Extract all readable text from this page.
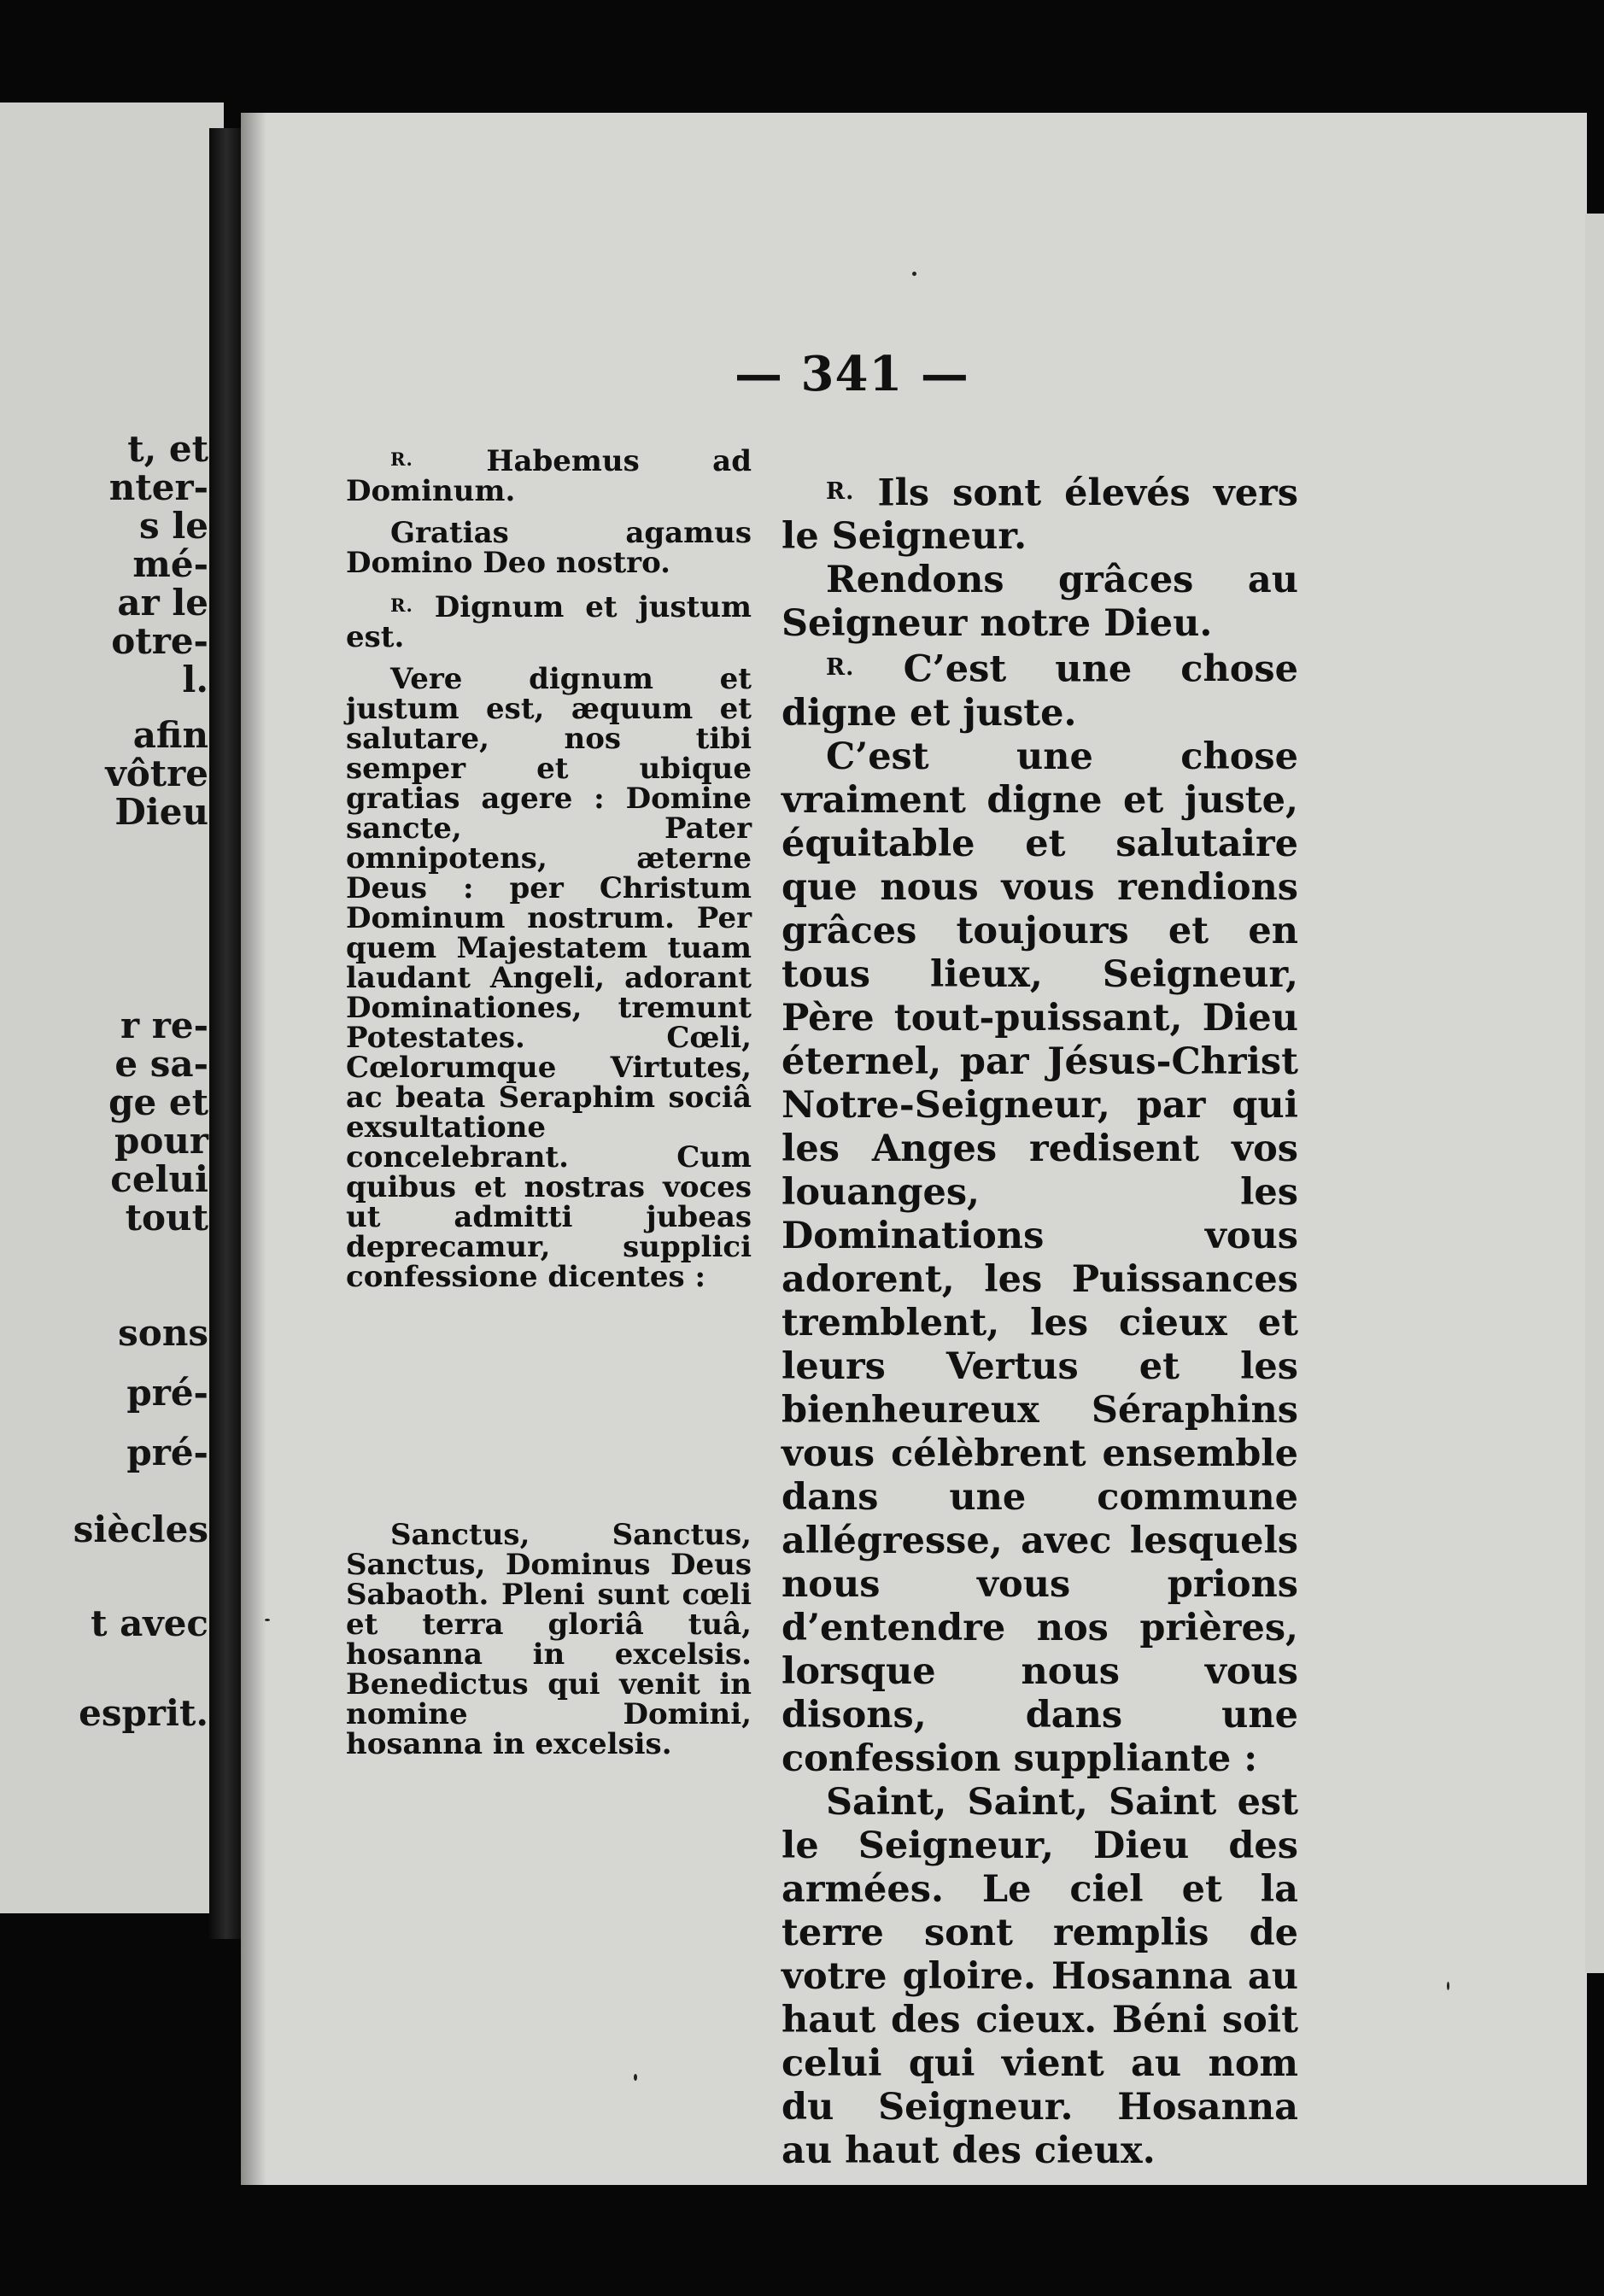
t, et
nter-
s le
mé-
ar le
otre-
l.
afin
vôtre
Dieu
r re-
e sa-
ge et
pour
celui
tout
sons
pré-
pré-
siècles
t avec
esprit.
— 341 —

R.	Habemus ad Dominum.

Gratias agamus Domino Deo nostro.

R. Dignum et justum est.

Vere dignum et justum est, æquum et salutare, nos tibi semper et ubique gratias agere : Domine sancte, Pater omnipotens, æterne Deus : per Christum Dominum nostrum. Per quem Majestatem tuam laudant Angeli, adorant Dominationes, tremunt Potestates. Cœli, Cœlorumque Virtutes, ac beata Seraphim sociâ exsultatione concelebrant. Cum quibus et nostras voces ut admitti jubeas deprecamur, supplici confessione dicentes :

Sanctus, Sanctus, Sanctus, Dominus Deus Sabaoth. Pleni sunt cœli et terra gloriâ tuâ, hosanna in excelsis. Benedictus qui venit in nomine Domini, hosanna in excelsis.

R. Ils sont élevés vers le Seigneur.

Rendons grâces au Seigneur notre Dieu.

R. C’est une chose digne et juste.

C’est une chose vraiment digne et juste, équitable et salutaire que nous vous rendions grâces toujours et en tous lieux, Seigneur, Père tout-puissant, Dieu éternel, par Jésus-Christ Notre-Seigneur, par qui les Anges redisent vos louanges, les Dominations vous adorent, les Puissances tremblent, les cieux et leurs Vertus et les bienheureux Séraphins vous célèbrent ensemble dans une commune allégresse, avec lesquels nous vous prions d’entendre nos prières, lorsque nous vous disons, dans une confession suppliante :

Saint, Saint, Saint est le Seigneur, Dieu des armées. Le ciel et la terre sont remplis de votre gloire. Hosanna au haut des cieux. Béni soit celui qui vient au nom du Seigneur. Hosanna au haut des cieux.
